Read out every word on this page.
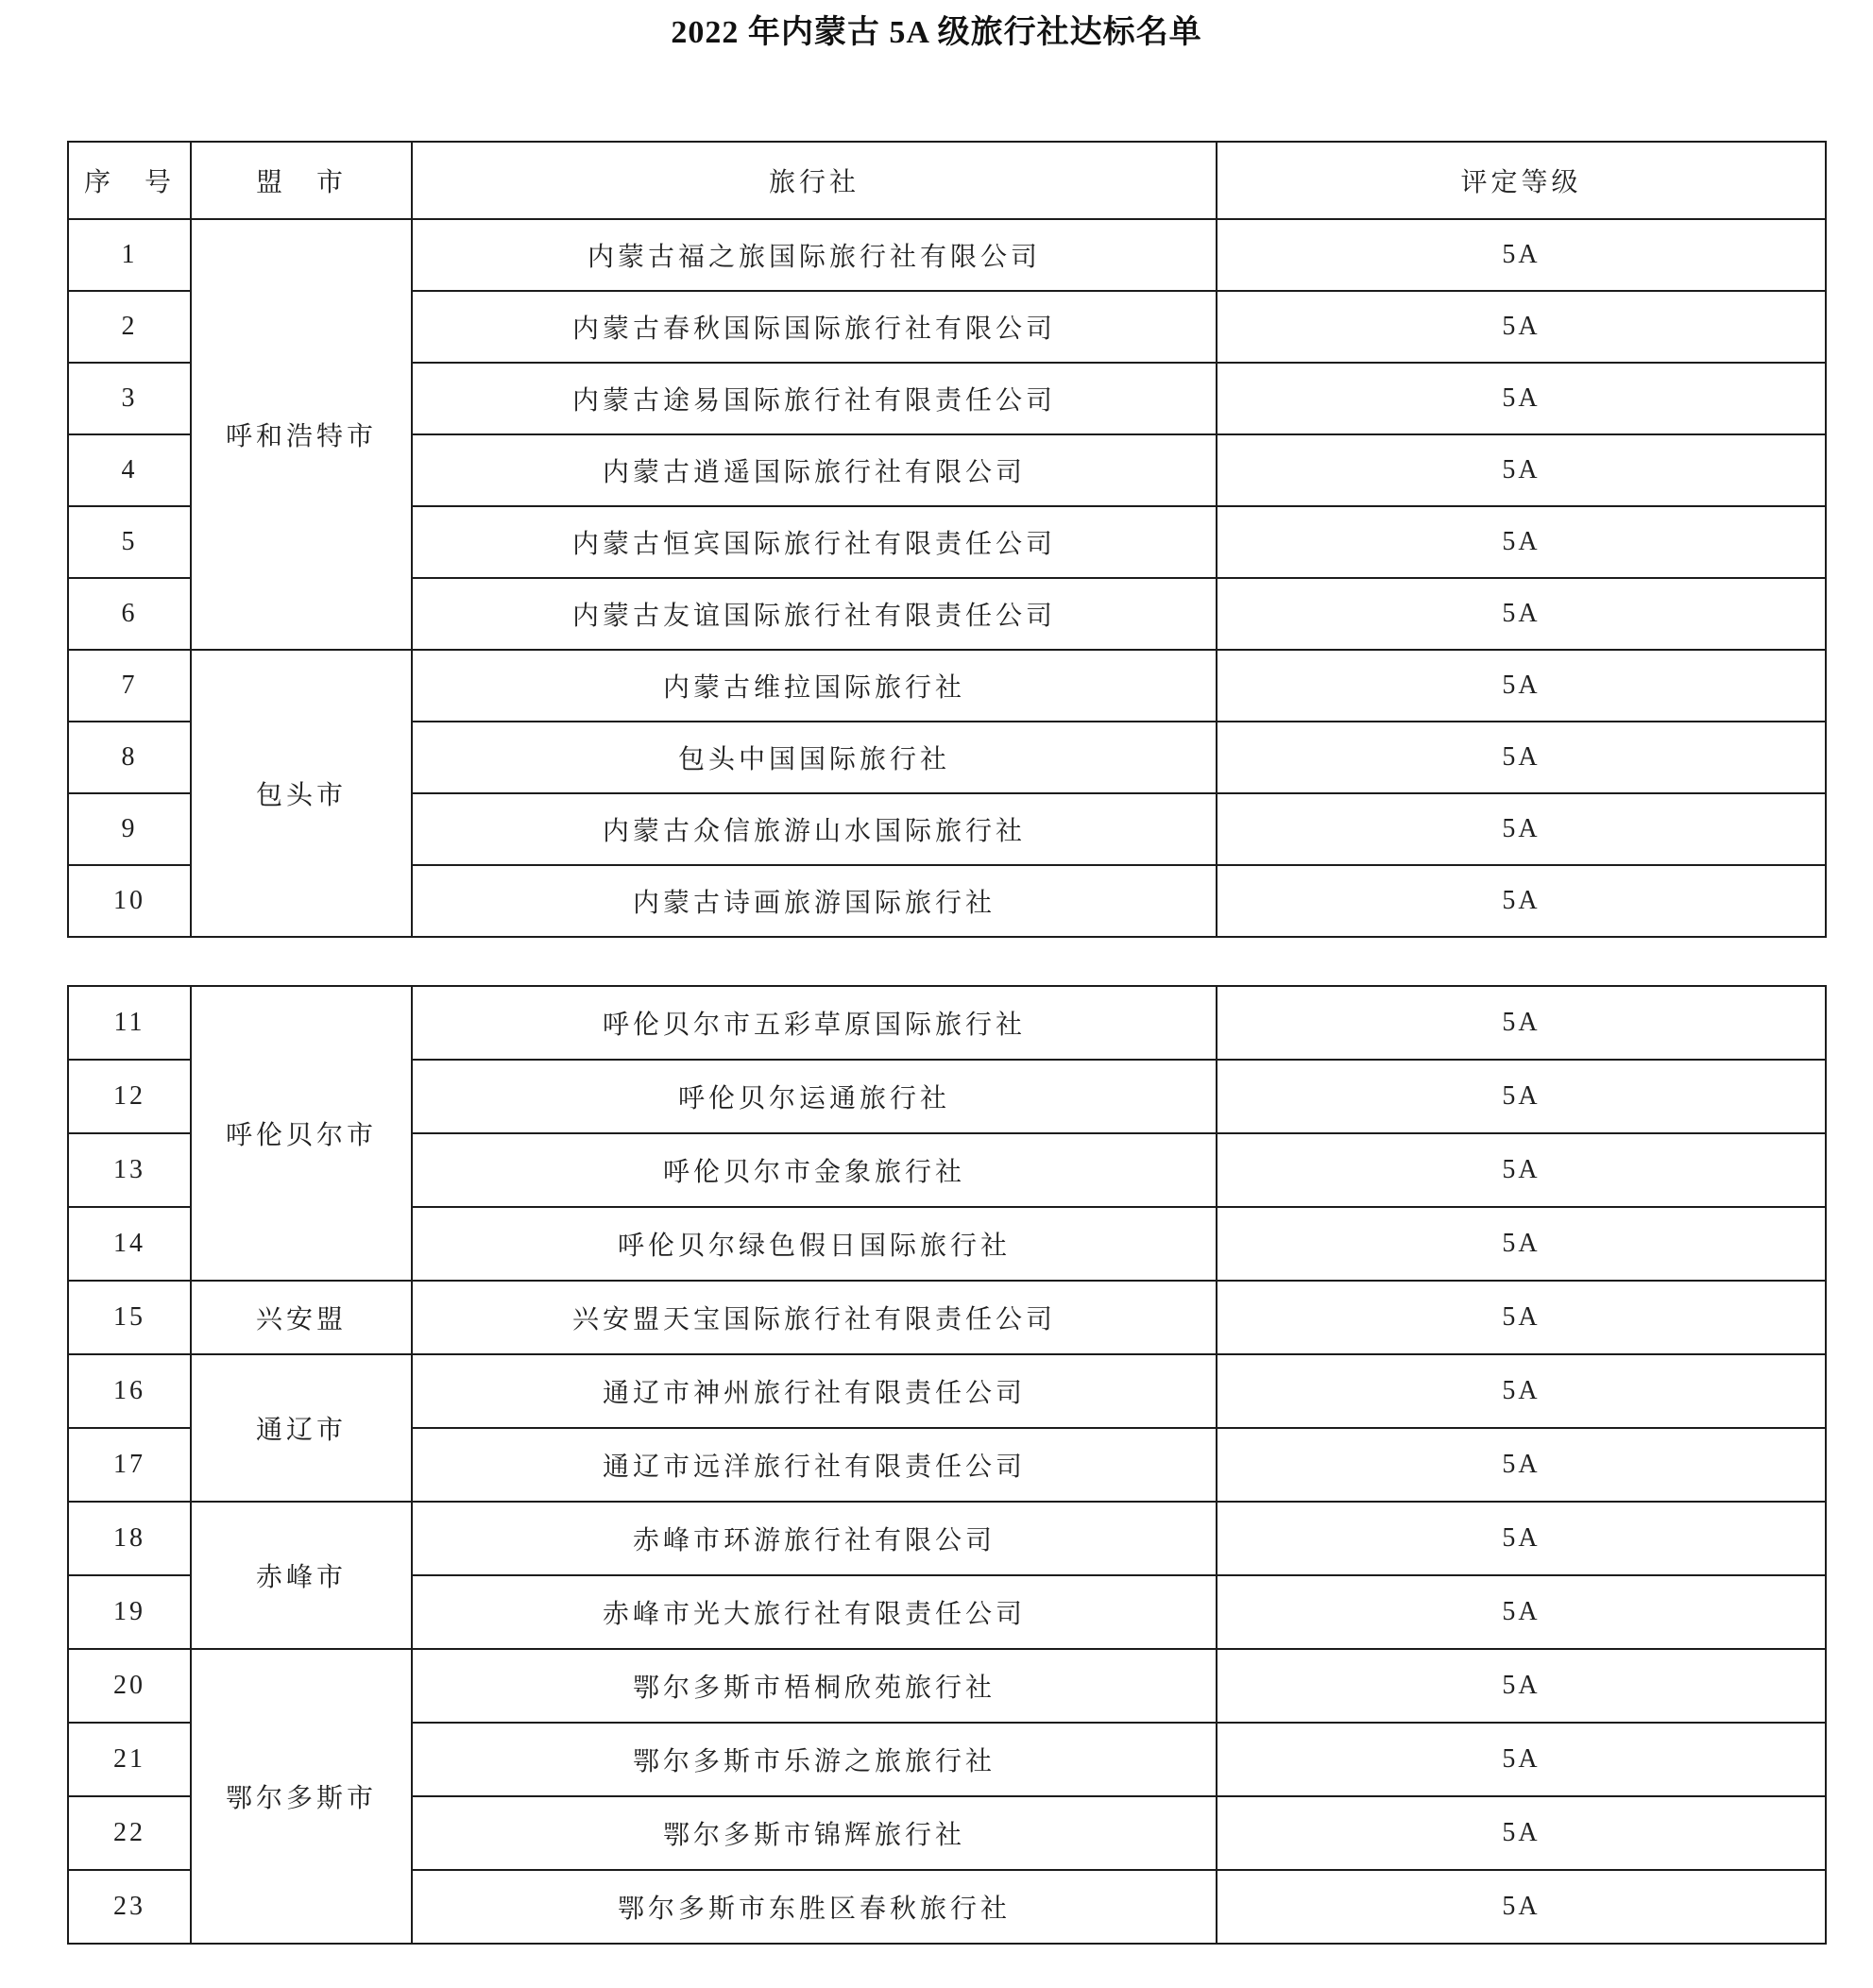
2022 年内蒙古 5A 级旅行社达标名单
序　号	盟　市	旅行社	评定等级
1	呼和浩特市	内蒙古福之旅国际旅行社有限公司	5A
2		内蒙古春秋国际国际旅行社有限公司	5A
3		内蒙古途易国际旅行社有限责任公司	5A
4		内蒙古逍遥国际旅行社有限公司	5A
5		内蒙古恒宾国际旅行社有限责任公司	5A
6		内蒙古友谊国际旅行社有限责任公司	5A
7	包头市	内蒙古维拉国际旅行社	5A
8		包头中国国际旅行社	5A
9		内蒙古众信旅游山水国际旅行社	5A
10		内蒙古诗画旅游国际旅行社	5A
11	呼伦贝尔市	呼伦贝尔市五彩草原国际旅行社	5A
12		呼伦贝尔运通旅行社	5A
13		呼伦贝尔市金象旅行社	5A
14		呼伦贝尔绿色假日国际旅行社	5A
15	兴安盟	兴安盟天宝国际旅行社有限责任公司	5A
16	通辽市	通辽市神州旅行社有限责任公司	5A
17		通辽市远洋旅行社有限责任公司	5A
18	赤峰市	赤峰市环游旅行社有限公司	5A
19		赤峰市光大旅行社有限责任公司	5A
20	鄂尔多斯市	鄂尔多斯市梧桐欣苑旅行社	5A
21		鄂尔多斯市乐游之旅旅行社	5A
22		鄂尔多斯市锦辉旅行社	5A
23		鄂尔多斯市东胜区春秋旅行社	5A
